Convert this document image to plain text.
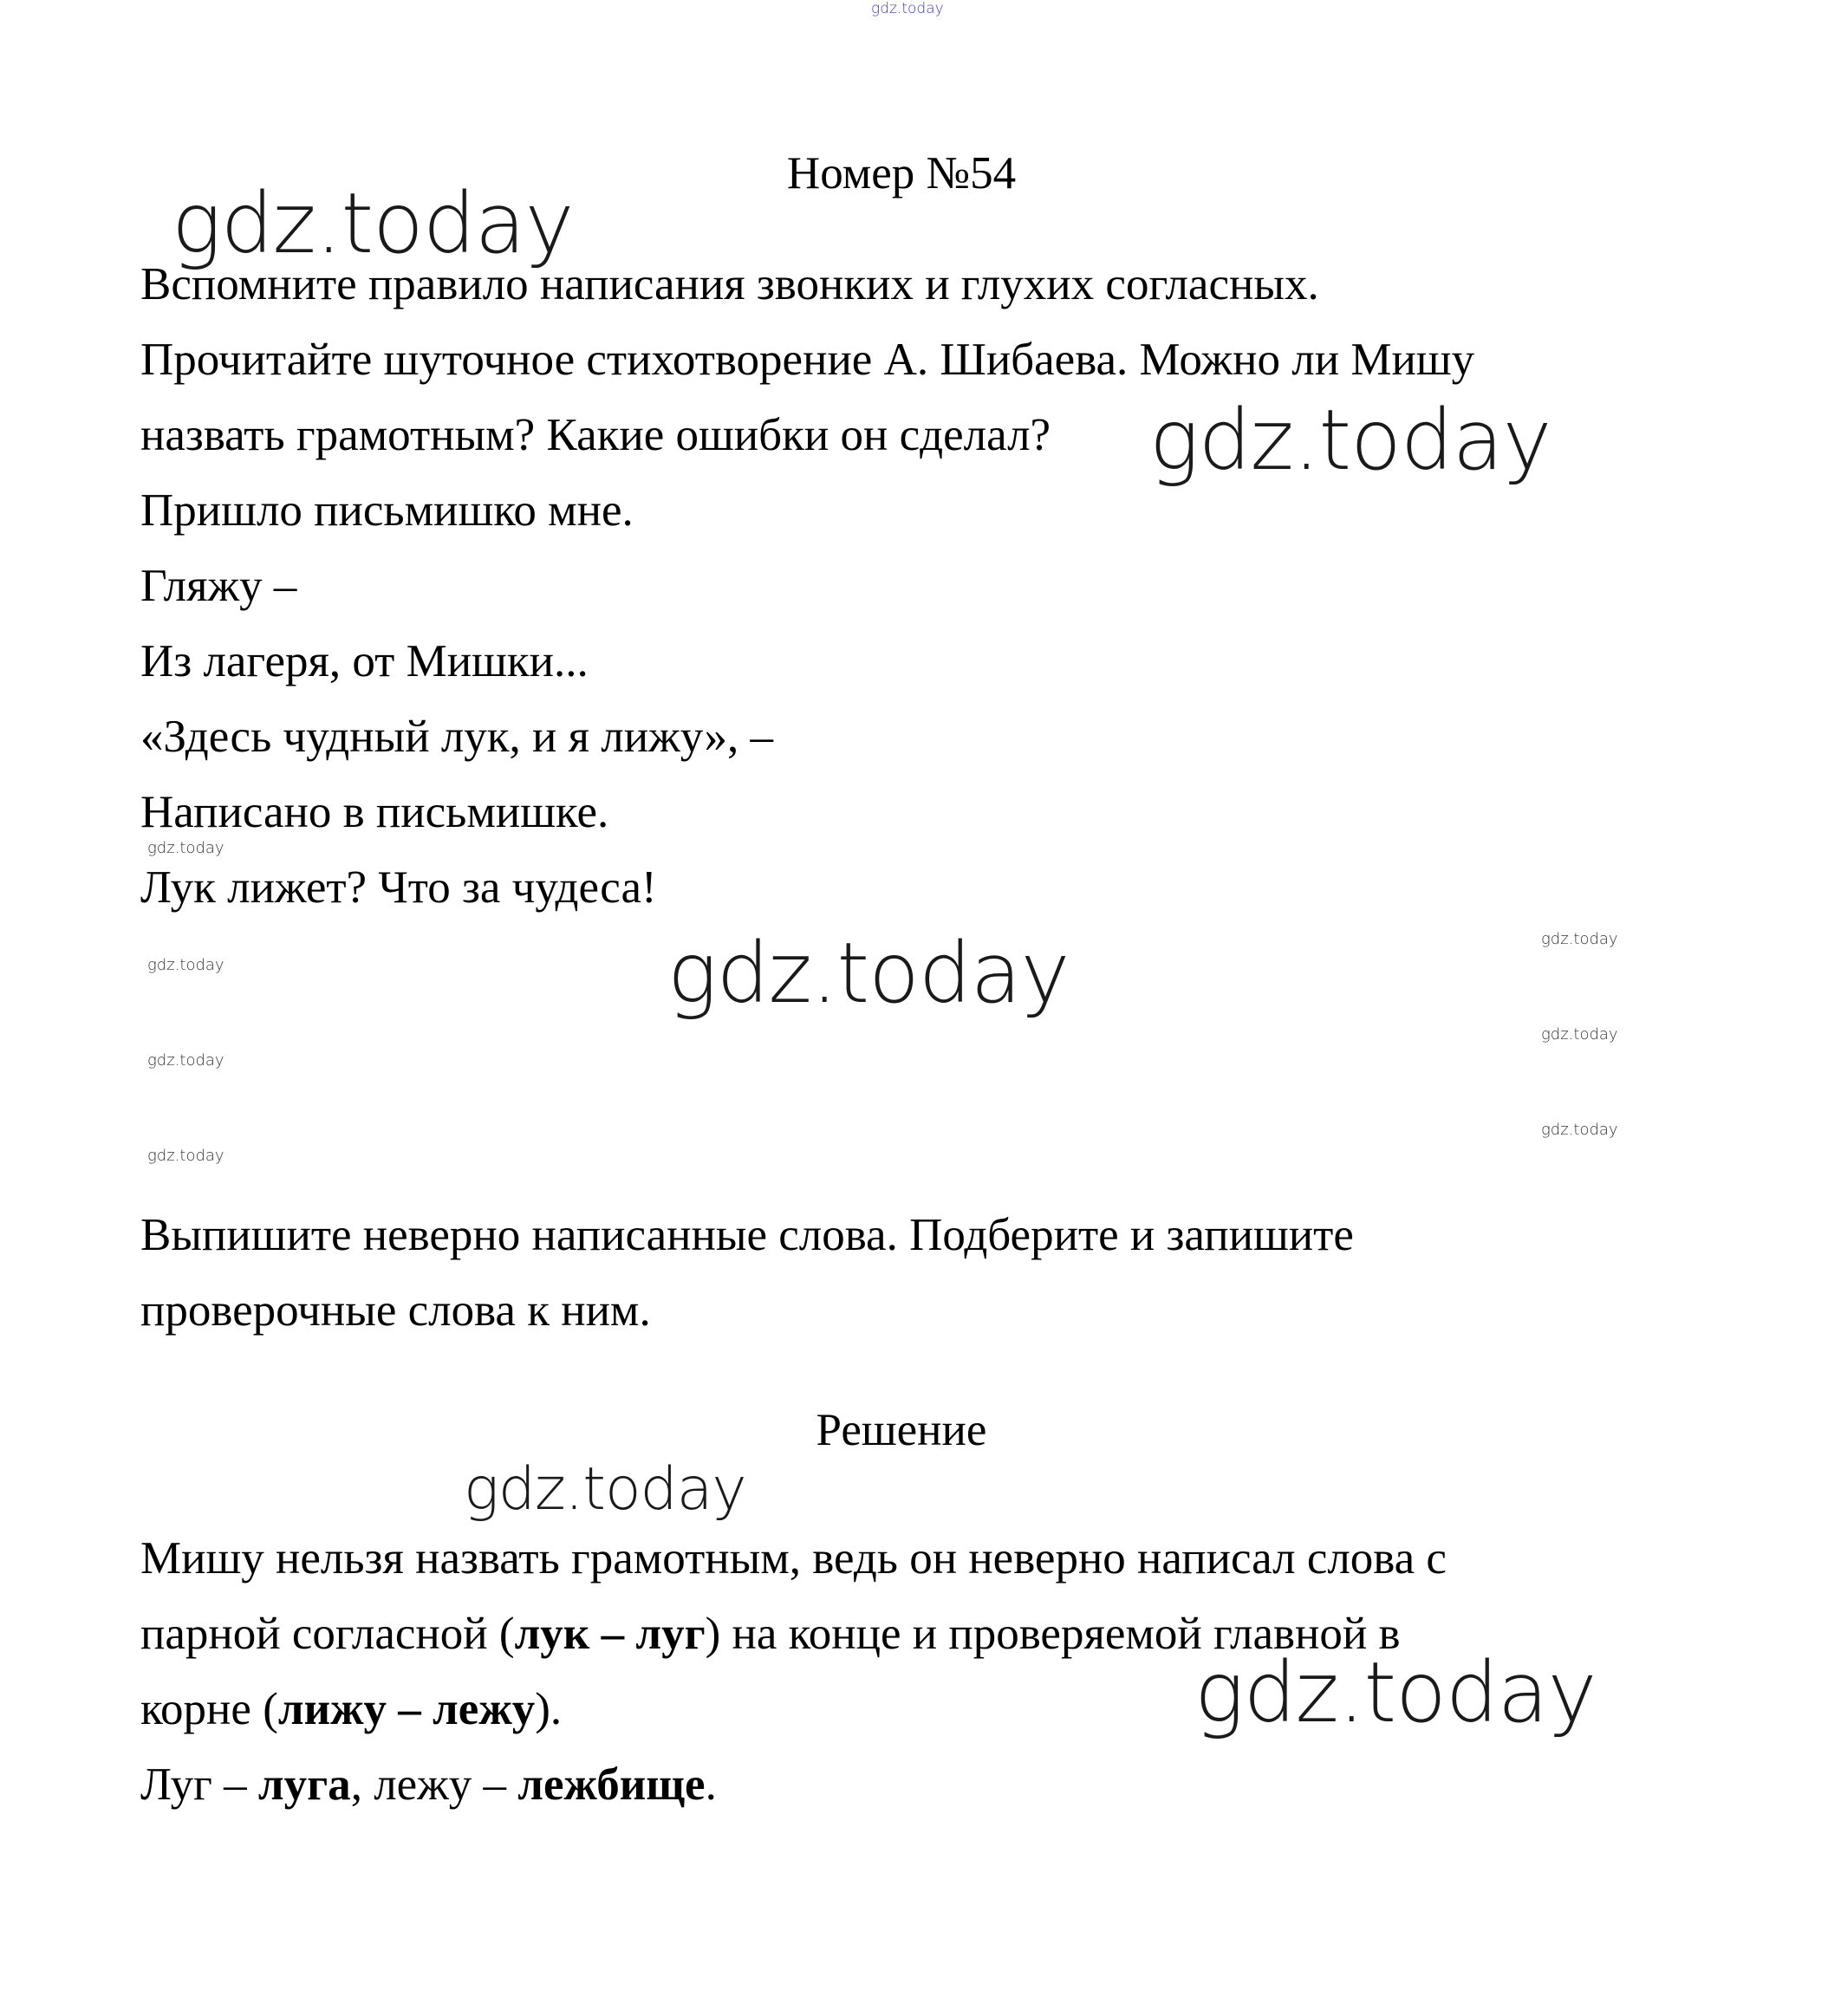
gdz.today
Номер №54
Вспомните правило написания звонких и глухих согласных.
Прочитайте шуточное стихотворение А. Шибаева. Можно ли Мишу
назвать грамотным? Какие ошибки он сделал?
Пришло письмишко мне.
Гляжу –
Из лагеря, от Мишки...
«Здесь чудный лук, и я лижу», –
Написано в письмишке.
Лук лижет? Что за чудеса!
Выпишите неверно написанные слова. Подберите и запишите
проверочные слова к ним.
Решение
Мишу нельзя назвать грамотным, ведь он неверно написал слова с
парной согласной (лук – луг) на конце и проверяемой главной в
корне (лижу – лежу).
Луг – луга, лежу – лежбище.
gdz.today
gdz.today
gdz.today
gdz.today
gdz.today
gdz.today
gdz.today
gdz.today
gdz.today
gdz.today
gdz.today
gdz.today
